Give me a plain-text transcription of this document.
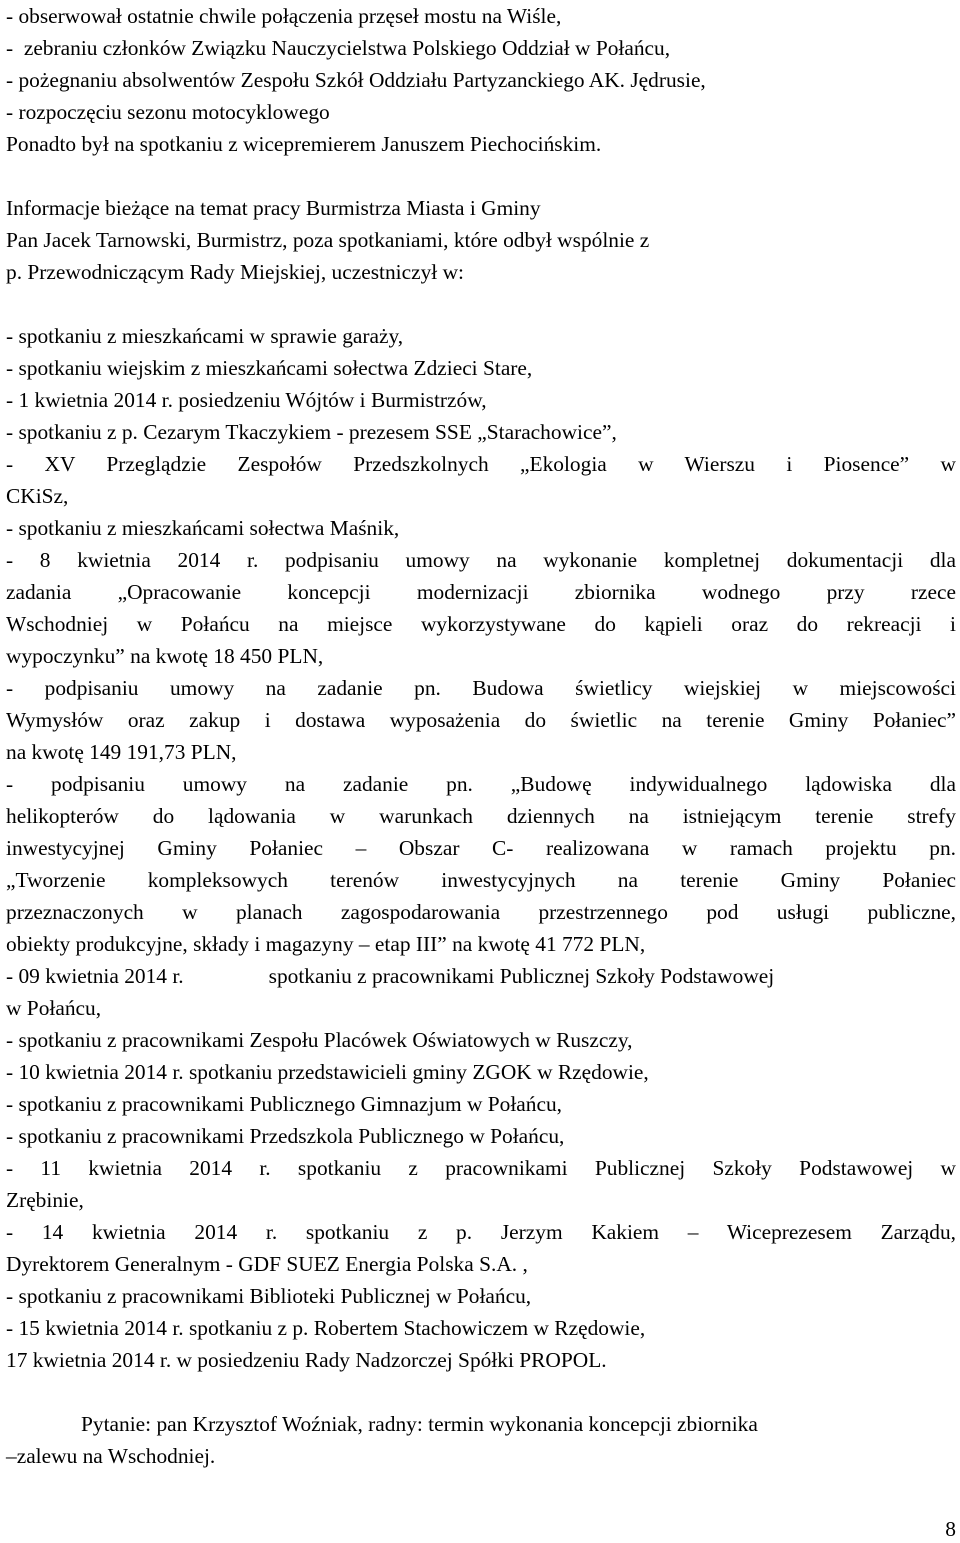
- obserwował ostatnie chwile połączenia przęseł mostu na Wiśle,
-  zebraniu członków Związku Nauczycielstwa Polskiego Oddział w Połańcu,
- pożegnaniu absolwentów Zespołu Szkół Oddziału Partyzanckiego AK. Jędrusie,
- rozpoczęciu sezonu motocyklowego
Ponadto był na spotkaniu z wicepremierem Januszem Piechocińskim.
Informacje bieżące na temat pracy Burmistrza Miasta i Gminy
Pan Jacek Tarnowski, Burmistrz, poza spotkaniami, które odbył wspólnie z
p. Przewodniczącym Rady Miejskiej, uczestniczył w:
- spotkaniu z mieszkańcami w sprawie garaży,
- spotkaniu wiejskim z mieszkańcami sołectwa Zdzieci Stare,
- 1 kwietnia 2014 r. posiedzeniu Wójtów i Burmistrzów,
- spotkaniu z p. Cezarym Tkaczykiem - prezesem SSE „Starachowice”,
- XV Przeglądzie Zespołów Przedszkolnych „Ekologia w Wierszu i Piosence” w
CKiSz,
- spotkaniu z mieszkańcami sołectwa Maśnik,
- 8 kwietnia 2014 r. podpisaniu umowy na wykonanie kompletnej dokumentacji dla
zadania „Opracowanie koncepcji modernizacji zbiornika wodnego przy rzece
Wschodniej w Połańcu na miejsce wykorzystywane do kąpieli oraz do rekreacji i
wypoczynku” na kwotę 18 450 PLN,
- podpisaniu umowy na zadanie pn. Budowa świetlicy wiejskiej w miejscowości
Wymysłów oraz zakup i dostawa wyposażenia do świetlic na terenie Gminy Połaniec”
na kwotę 149 191,73 PLN,
- podpisaniu umowy na zadanie pn. „Budowę indywidualnego lądowiska dla
helikopterów do lądowania w warunkach dziennych na istniejącym terenie strefy
inwestycyjnej Gminy Połaniec – Obszar C- realizowana w ramach projektu pn.
„Tworzenie kompleksowych terenów inwestycyjnych na terenie Gminy Połaniec
przeznaczonych w planach zagospodarowania przestrzennego pod usługi publiczne,
obiekty produkcyjne, składy i magazyny – etap III” na kwotę 41 772 PLN,
- 09 kwietnia 2014 r.	spotkaniu z pracownikami Publicznej Szkoły Podstawowej
w Połańcu,
- spotkaniu z pracownikami Zespołu Placówek Oświatowych w Ruszczy,
- 10 kwietnia 2014 r. spotkaniu przedstawicieli gminy ZGOK w Rzędowie,
- spotkaniu z pracownikami Publicznego Gimnazjum w Połańcu,
- spotkaniu z pracownikami Przedszkola Publicznego w Połańcu,
- 11 kwietnia 2014 r. spotkaniu z pracownikami Publicznej Szkoły Podstawowej w
Zrębinie,
- 14 kwietnia 2014 r. spotkaniu z p. Jerzym Kakiem – Wiceprezesem Zarządu,
Dyrektorem Generalnym - GDF SUEZ Energia Polska S.A. ,
- spotkaniu z pracownikami Biblioteki Publicznej w Połańcu,
- 15 kwietnia 2014 r. spotkaniu z p. Robertem Stachowiczem w Rzędowie,
17 kwietnia 2014 r. w posiedzeniu Rady Nadzorczej Spółki PROPOL.
Pytanie: pan Krzysztof Woźniak, radny: termin wykonania koncepcji zbiornika
–zalewu na Wschodniej.
8
